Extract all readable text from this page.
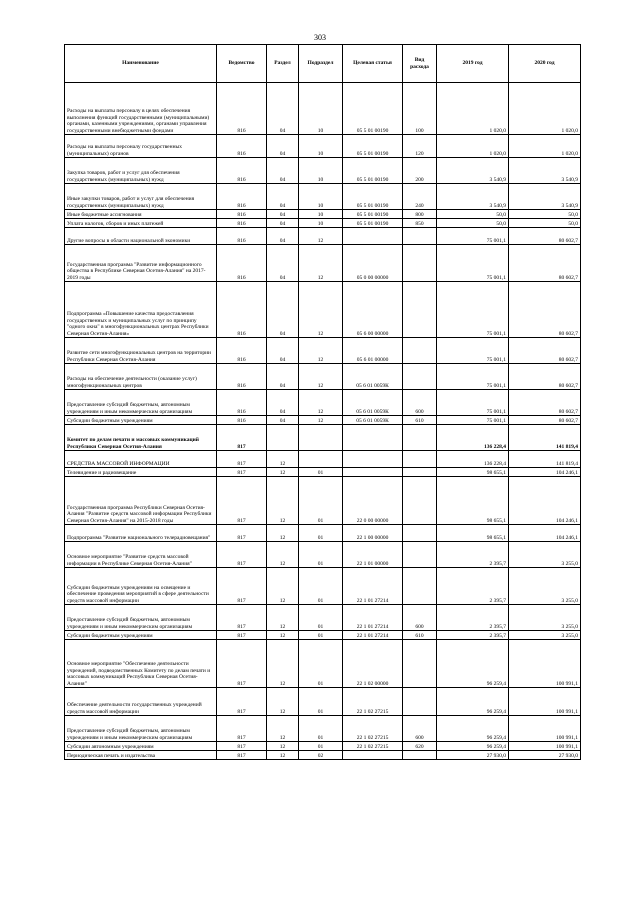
303
Наименование	Ведомство	Раздел	Подраздел	Целевая статья	Вид расхода	2019 год	2020 год
Расходы на выплаты персоналу в целях обеспечения выполнения функций государственными (муниципальными) органами, казенными учреждениями, органами управления государственными внебюджетными фондами	816	04	10	05 5 01 00190	100	1 020,0	1 020,0
Расходы на выплаты персоналу государственных (муниципальных) органов	816	04	10	05 5 01 00190	120	1 020,0	1 020,0
Закупка товаров, работ и услуг для обеспечения государственных (муниципальных) нужд	816	04	10	05 5 01 00190	200	3 540,9	3 540,9
Иные закупки товаров, работ и услуг для обеспечения государственных (муниципальных) нужд	816	04	10	05 5 01 00190	240	3 540,9	3 540,9
Иные бюджетные ассигнования	816	04	10	05 5 01 00190	800	50,0	50,0
Уплата налогов, сборов и иных платежей	816	04	10	05 5 01 00190	850	50,0	50,0
Другие вопросы в области национальной экономики	816	04	12			75 001,1	80 602,7
Государственная программа "Развитие информационного общества в Республике Северная Осетия-Алания" на 2017-2019 годы	816	04	12	05 0 00 00000		75 001,1	80 602,7
Подпрограмма «Повышение качества предоставления государственных и муниципальных услуг по принципу "одного окна" в многофункциональных центрах Республики Северная Осетия-Алания»	816	04	12	05 6 00 00000		75 001,1	80 602,7
Развитие сети многофункциональных центров на территории Республики Северная Осетия-Алания	816	04	12	05 6 01 00000		75 001,1	80 602,7
Расходы на обеспечение деятельности (оказание услуг) многофункциональных центров	816	04	12	05 6 01 0059К		75 001,1	80 602,7
Предоставление субсидий бюджетным, автономным учреждениям и иным некоммерческим организациям	816	04	12	05 6 01 0059К	600	75 001,1	80 602,7
Субсидии бюджетным учреждениям	816	04	12	05 6 01 0059К	610	75 001,1	80 602,7
Комитет по делам печати и массовых коммуникаций Республики Северная Осетия-Алания	817					136 228,4	141 819,4
СРЕДСТВА МАССОВОЙ ИНФОРМАЦИИ	817	12				136 228,4	141 819,4
Телевидение и радиовещание	817	12	01			98 655,1	104 246,1
Государственная программа Республики Северная Осетия-Алания "Развитие средств массовой информации Республики Северная Осетия-Алания" на 2015-2018 годы	817	12	01	22 0 00 00000		98 655,1	104 246,1
Подпрограмма "Развитие национального телерадиовещания"	817	12	01	22 1 00 00000		98 655,1	104 246,1
Основное мероприятие "Развитие средств массовой информации в Республике Северная Осетия-Алания"	817	12	01	22 1 01 00000		2 395,7	3 255,0
Субсидии бюджетным учреждениям на освещение и обеспечение проведения мероприятий в сфере деятельности средств массовой информации	817	12	01	22 1 01 27214		2 395,7	3 255,0
Предоставление субсидий бюджетным, автономным учреждениям и иным некоммерческим организациям	817	12	01	22 1 01 27214	600	2 395,7	3 255,0
Субсидии бюджетным учреждениям	817	12	01	22 1 01 27214	610	2 395,7	3 255,0
Основное мероприятие "Обеспечение деятельности учреждений, подведомственных Комитету по делам печати и массовых коммуникаций Республики Северная Осетия-Алания"	817	12	01	22 1 02 00000		96 259,4	100 991,1
Обеспечение деятельности государственных учреждений средств массовой информации	817	12	01	22 1 02 27215		96 259,4	100 991,1
Предоставление субсидий бюджетным, автономным учреждениям и иным некоммерческим организациям	817	12	01	22 1 02 27215	600	96 259,4	100 991,1
Субсидии автономным учреждениям	817	12	01	22 1 02 27215	620	96 259,4	100 991,1
Периодическая печать и издательства	817	12	02			27 930,0	27 930,0
